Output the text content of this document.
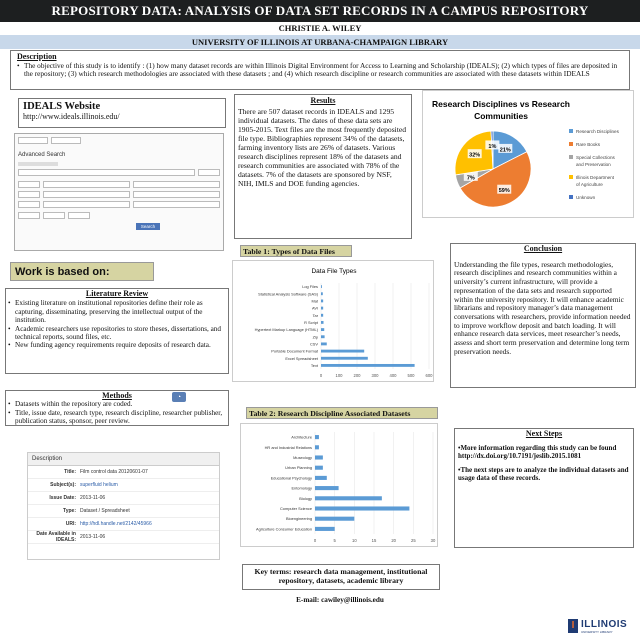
REPOSITORY DATA: ANALYSIS OF DATA SET RECORDS IN A CAMPUS REPOSITORY
CHRISTIE A. WILEY
UNIVERSITY OF ILLINOIS AT URBANA-CHAMPAIGN LIBRARY
Description
• The objective of this study is to identify : (1) how many dataset records are within Illinois Digital Environment for Access to Learning and Scholarship (IDEALS); (2) which types of files are deposited in the repository; (3) which research methodologies are associated with these datasets ; and (4) which research discipline or research communities are associated with these datasets within IDEALS
IDEALS Website
http://www.ideals.illinois.edu/
Advanced Search
Search
Work is based on:
Literature Review
• Existing literature on institutional repositories define their role as capturing, disseminating, preserving the intellectual output of the institution.
• Academic researchers use repositories to store theses, dissertations, and technical reports, sound files, etc.
• New funding agency requirements require deposits of research data.
Methods
• Datasets within the repository are coded.
• Title, issue date, research type, research discipline, researcher publisher, publication status, sponsor, peer review.
◔
Description
Title: Film control data 20120601-07
Subject(s): superfluid helium
Issue Date: 2013-11-06
Type: Dataset / Spreadsheet
URI: http://hdl.handle.net/2142/45966
Date Available in IDEALS: 2013-11-06
Results
There are 507 dataset records in IDEALS and 1295 individual datasets. The dates of these data sets are 1905-2015. Text files are the most frequently deposited file type. Bibliographies represent 34% of the datasets, farming inventory lists are 26% of datasets. Various research disciplines represent 18% of the datasets and research communities are associated with 78% of the datasets. 7% of the datasets are sponsored by NSF, NIH, IMLS and DOE funding agencies.
Research Disciplines vs Research
Communities
21%
59%
7%
32%
1%
Research Disciplines
Rare Books
Special Collections
and Preservation
Illinois Department
of Agriculture
Unknown
Table 1: Types of Data Files
Data File Types
0	100	200	300	400	500	600
Log Files
Statistical Analysis Software (SAS)
Mat
AVI
Tar
R Script
Hypertext Markup Language (HTML)
Zip
CSV
Portable Document Format
Excel Spreadsheet
Text
Table 2: Research Discipline Associated Datasets
0	5	10	15	20	25	30
Architecture
HR and Industrial Relations
Museology
Urban Planning
Educational Psychology
Entomology
Biology
Computer Science
Bioengineering
Agriculture Consumer Education
Key terms: research data management, institutional repository, datasets, academic library
E-mail: cawiley@illinois.edu
Conclusion
Understanding the file types, research methodologies, research disciplines and research communities within a university’s current infrastructure, will provide a representation of the data sets and research supported within the university repository. It will enhance academic librarians and repository manager’s data management conversations with researchers, provide information needed to improve workflow deposit and batch loading. It will enhance research data services, meet researcher’s needs, assess and short term preservation and determine long term preservation needs.
Next Steps

•More information regarding this study can be found http://dx.doi.org/10.7191/jeslib.2015.1081

•The next steps are to analyze the individual datasets and usage data of these records.

I ILLINOIS
UNIVERSITY LIBRARY
